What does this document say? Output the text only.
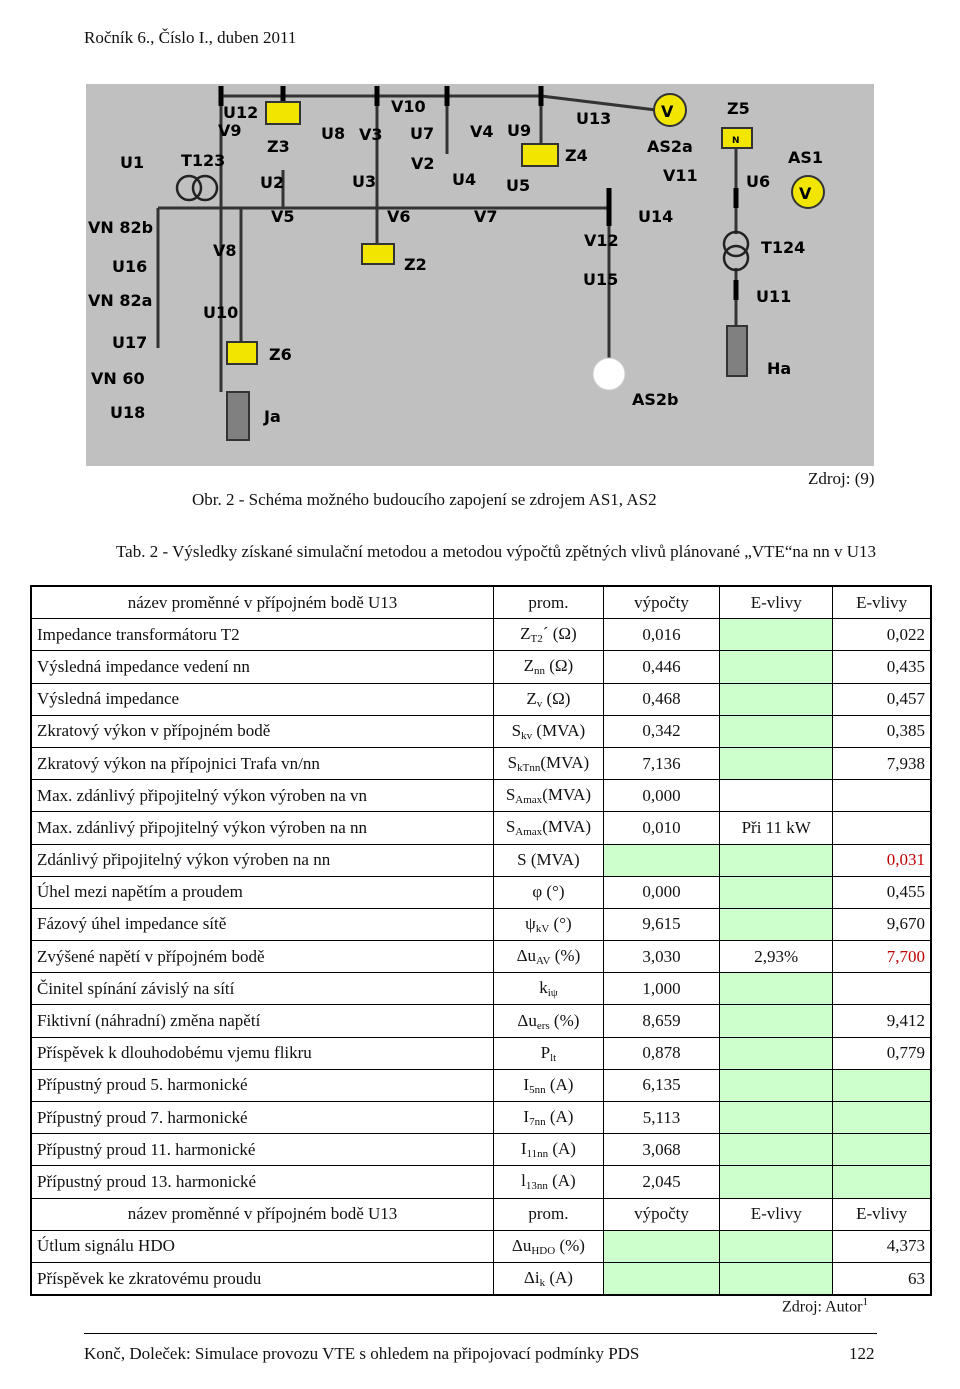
Ročník 6., Číslo I., duben 2011
V
V
N
U12
V9
U1 T123
Z3
U2
V5
VN 82b
U16
VN 82a
U17
VN 60
U18
V8
U10
Z6
Ja
V10
U8 V3 U7
V2
U3
V6
Z2
V4 U9
U4 U5
V7
Z4
U13
AS2a
V11
V12
U14
U15
AS2b
Z5
AS1
U6
T124
U11
Ha
Zdroj: (9)
Obr. 2 - Schéma možného budoucího zapojení se zdrojem AS1, AS2
Tab. 2 - Výsledky získané simulační metodou a metodou výpočtů zpětných vlivů plánované „VTE“na nn v U13
název proměnné v přípojném bodě U13	prom.	výpočty	E-vlivy	E-vlivy
Impedance transformátoru T2	$Z_{T2}´$ (Ω)	0,016		0,022
Výsledná impedance vedení nn	$Z_{nn}$ (Ω)	0,446		0,435
Výsledná impedance	$Z_v$ (Ω)	0,468		0,457
Zkratový výkon v přípojném bodě	$S_{kv}$ (MVA)	0,342		0,385
Zkratový výkon na přípojnici Trafa vn/nn	$S_{kTnn}(MVA)$	7,136		7,938
Max. zdánlivý připojitelný výkon výroben na vn	$S_{Amax}(MVA)$	0,000		
Max. zdánlivý připojitelný výkon výroben na nn	$S_{Amax}(MVA)$	0,010	Při 11 kW	
Zdánlivý připojitelný výkon výroben na nn	S (MVA)			0,031
Úhel mezi napětím a proudem	φ (°)	0,000		0,455
Fázový úhel impedance sítě	$\psi_{kV}$ (°)	9,615		9,670
Zvýšené napětí v přípojném bodě	$\Delta u_{AV}$ (%)	3,030	2,93%	7,700
Činitel spínání závislý na sítí	$k_{i\psi}$	1,000		
Fiktivní (náhradní) změna napětí	$\Delta u_{ers}$ (%)	8,659		9,412
Příspěvek k dlouhodobému vjemu flikru	$P_{lt}$	0,878		0,779
Přípustný proud 5. harmonické	$I_{5nn}$ (A)	6,135		
Přípustný proud 7. harmonické	$I_{7nn}$ (A)	5,113		
Přípustný proud 11. harmonické	$I_{11nn}$ (A)	3,068		
Přípustný proud 13. harmonické	$l_{13nn}$ (A)	2,045		
název proměnné v přípojném bodě U13	prom.	výpočty	E-vlivy	E-vlivy
Útlum signálu HDO	$\Delta u_{HDO}$ (%)			4,373
Příspěvek ke zkratovému proudu	$\Delta i_k$ (A)			63
Zdroj: Autor$^1$
Konč, Doleček: Simulace provozu VTE s ohledem na připojovací podmínky PDS	122
